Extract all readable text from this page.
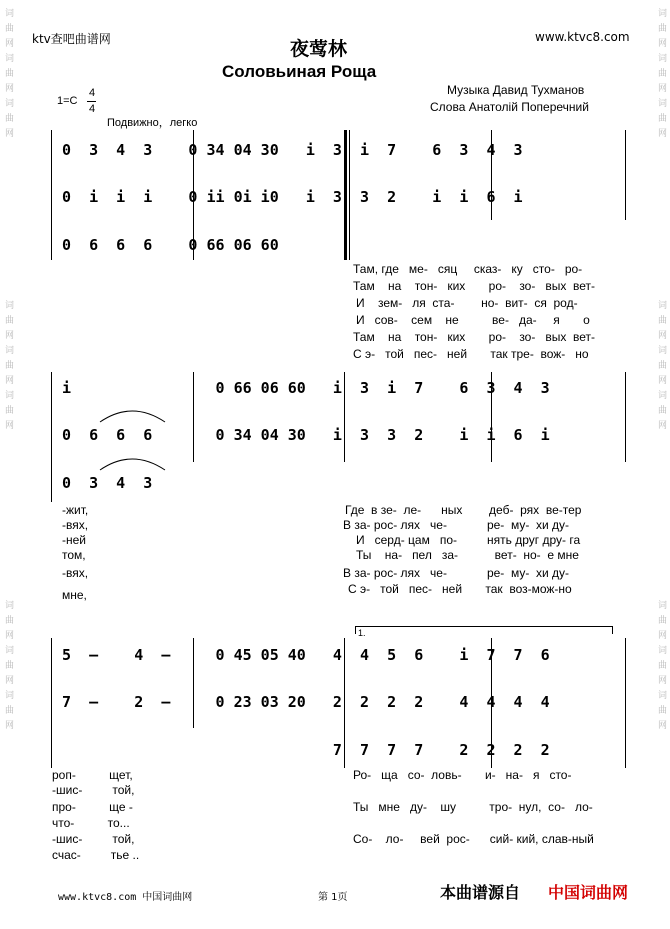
词曲网词曲网词曲网
词曲网词曲网词曲网
词曲网词曲网词曲网
词曲网词曲网词曲网
词曲网词曲网词曲网
词曲网词曲网词曲网
ktv查吧曲谱网	www.ktvc8.com
夜莺林
Соловьиная Роща
Музыка Давид Тухманов
Слова Анатолій Поперечний
1=C
4
4
Подвижно，легко
0  3  4  3    0 34 04 30   i  3  i  7    6  3  4  3
0  i  i  i    0 ii 0i i0   i  3  3  2    i  i  6  i
0  6  6  6    0 66 06 60
Там, где   ме-   сяц     сказ-   ку   сто-   ро-
Там    на    тон-   ких       ро-    зо-   вых  вет-
И    зем-   ля  ста-        но-  вит-  ся  род-
И   сов-    сем    не          ве-   да-     я       о
Там    на    тон-   ких       ро-    зо-   вых  вет-
С э-   той   пес-   ней       так тре-  вож-   но
i                0 66 06 60   i  3  i  7    6  3  4  3
0  6  6  6       0 34 04 30   i  3  3  2    i  i  6  i
0  3  4  3
-жит,
-вях,
-ней
том,
-вях,
мне,
Где  в зе-  ле-      ных        деб-  рях  ве-тер
В за- рос- лях   че-            ре-  му-  хи ду-
И   серд- цам   по-         нять друг дру- га
Ты    на-   пел   за-           вет-  но-  е мне
В за- рос- лях   че-            ре-  му-  хи ду-
С э-   той   пес-   ней       так  воз-мож-но
1.
5  –    4  –     0 45 05 40   4  4  5  6    i  7  7  6
7  –    2  –     0 23 03 20   2  2  2  2    4  4  4  4
7  7  7  7    2  2  2  2
роп-          щет,
-шис-         той,
про-          ще -
что-          то...
-шис-         той,
счас-         тье ..
Ро-   ща   со-  ловь-       и-   на-   я   сто-
Ты   мне   ду-    шу          тро-  нул,  со-   ло-
Со-    ло-     вей  рос-      сий- кий, слав-ный
www.ktvc8.com 中国词曲网	第 1页	本曲谱源自 中国词曲网
